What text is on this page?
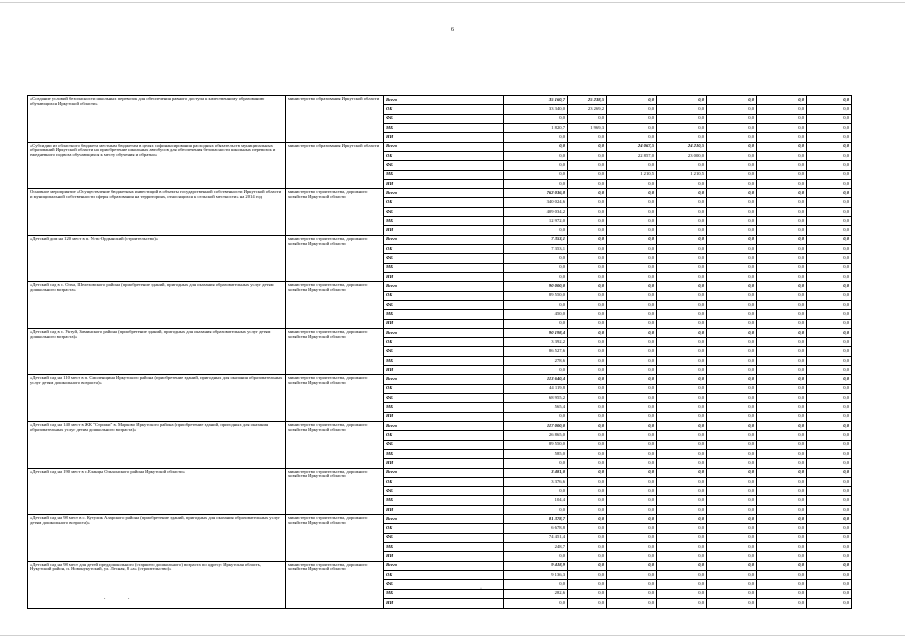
6
«Создание условий безопасности школьных перевозок для обеспечения равного доступа к качественному образованию обучающихся Иркутской области»	министерство образования Иркутской области	Всего	35 160,7	25 238,5	0,0	0,0	0,0	0,0	0,0
		ОБ	33 340,0	23 269,2	0,0	0,0	0,0	0,0	0,0
		ФБ	0,0	0,0	0,0	0,0	0,0	0,0	0,0
		МБ	1 820,7	1 969,3	0,0	0,0	0,0	0,0	0,0
		ИИ	0,0	0,0	0,0	0,0	0,0	0,0	0,0
«Субсидии из областного бюджета местным бюджетам в целях софинансирования расходных обязательств муниципальных образований Иркутской области на приобретение школьных автобусов для обеспечения безопасности школьных перевозок и ежедневного подвоза обучающихся к месту обучения и обратно»	министерство образования Иркутской области	Всего	0,0	0,0	24 067,5	24 210,5	0,0	0,0	0,0
		ОБ	0,0	0,0	22 857,0	23 000,0	0,0	0,0	0,0
		ФБ	0,0	0,0	0,0	0,0	0,0	0,0	0,0
		МБ	0,0	0,0	1 210,5	1 210,5	0,0	0,0	0,0
		ИИ	0,0	0,0	0,0	0,0	0,0	0,0	0,0
Основное мероприятие «Осуществление бюджетных инвестиций в объекты государственной собственности Иркутской области и муниципальной собственности сферы образования на территориях, относящихся к сельской местности» на 2014 год	министерство строительства, дорожного хозяйства Иркутской области	Всего	762 036,8	0,0	0,0	0,0	0,0	0,0	0,0
		ОБ	340 024,6	0,0	0,0	0,0	0,0	0,0	0,0
		ФБ	409 034,2	0,0	0,0	0,0	0,0	0,0	0,0
		МБ	12 972,0	0,0	0,0	0,0	0,0	0,0	0,0
		ИИ	0,0	0,0	0,0	0,0	0,0	0,0	0,0
«Детский дом на 120 мест в п. Усть-Ордынский (строительство)»	министерство строительства, дорожного хозяйства Иркутской области	Всего	7 353,1	0,0	0,0	0,0	0,0	0,0	0,0
		ОБ	7 353,1	0,0	0,0	0,0	0,0	0,0	0,0
		ФБ	0,0	0,0	0,0	0,0	0,0	0,0	0,0
		МБ	0,0	0,0	0,0	0,0	0,0	0,0	0,0
		ИИ	0,0	0,0	0,0	0,0	0,0	0,0	0,0
«Детский сад в с. Олха, Шелеховского района (приобретение зданий, пригодных для оказания образовательных услуг детям дошкольного возраста»	министерство строительства, дорожного хозяйства Иркутской области	Всего	90 000,0	0,0	0,0	0,0	0,0	0,0	0,0
		ОБ	89 550,0	0,0	0,0	0,0	0,0	0,0	0,0
		ФБ	0,0	0,0	0,0	0,0	0,0	0,0	0,0
		МБ	450,0	0,0	0,0	0,0	0,0	0,0	0,0
		ИИ	0,0	0,0	0,0	0,0	0,0	0,0	0,0
«Детский сад в с. Уктуй, Зиминского района (приобретение зданий, пригодных для оказания образовательных услуг детям дошкольного возраста)»	министерство строительства, дорожного хозяйства Иркутской области	Всего	90 198,4	0,0	0,0	0,0	0,0	0,0	0,0
		ОБ	3 392,2	0,0	0,0	0,0	0,0	0,0	0,0
		ФБ	86 527,6	0,0	0,0	0,0	0,0	0,0	0,0
		МБ	278,6	0,0	0,0	0,0	0,0	0,0	0,0
		ИИ	0,0	0,0	0,0	0,0	0,0	0,0	0,0
«Детский сад на 110 мест в п. Смоленщина Иркутского района (приобретение зданий, пригодных для оказания образовательных услуг детям дошкольного возраста)»	министерство строительства, дорожного хозяйства Иркутской области	Всего	113 640,4	0,0	0,0	0,0	0,0	0,0	0,0
		ОБ	44 119,8	0,0	0,0	0,0	0,0	0,0	0,0
		ФБ	68 955,2	0,0	0,0	0,0	0,0	0,0	0,0
		МБ	565,4	0,0	0,0	0,0	0,0	0,0	0,0
		ИИ	0,0	0,0	0,0	0,0	0,0	0,0	0,0
«Детский сад на 140 мест в ЖК "Стрижи" в. Марково Иркутского района (приобретение зданий, пригодных для оказания образовательных услуг детям дошкольного возраста)»	министерство строительства, дорожного хозяйства Иркутской области	Всего	117 000,0	0,0	0,0	0,0	0,0	0,0	0,0
		ОБ	26 865,0	0,0	0,0	0,0	0,0	0,0	0,0
		ФБ	89 550,0	0,0	0,0	0,0	0,0	0,0	0,0
		МБ	585,0	0,0	0,0	0,0	0,0	0,0	0,0
		ИИ	0,0	0,0	0,0	0,0	0,0	0,0	0,0
«Детский сад на 190 мест в с.Еланцы Ольхонского района Иркутской области»	министерство строительства, дорожного хозяйства Иркутской области	Всего	3 481,0	0,0	0,0	0,0	0,0	0,0	0,0
		ОБ	3 376,6	0,0	0,0	0,0	0,0	0,0	0,0
		ФБ	0,0	0,0	0,0	0,0	0,0	0,0	0,0
		МБ	104,4	0,0	0,0	0,0	0,0	0,0	0,0
		ИИ	0,0	0,0	0,0	0,0	0,0	0,0	0,0
«Детский сад на 98 мест в с. Кутулик Аларского района (приобретение зданий, пригодных для оказания образовательных услуг детям дошкольного возраста)»	министерство строительства, дорожного хозяйства Иркутской области	Всего	81 378,7	0,0	0,0	0,0	0,0	0,0	0,0
		ОБ	6 678,8	0,0	0,0	0,0	0,0	0,0	0,0
		ФБ	74 451,4	0,0	0,0	0,0	0,0	0,0	0,0
		МБ	248,7	0,0	0,0	0,0	0,0	0,0	0,0
		ИИ	0,0	0,0	0,0	0,0	0,0	0,0	0,0
«Детский сад на 98 мест для детей преддошкольного (старшего дошкольного) возраста по адресу: Иркутская область, Нукутский район, п. Новонукутский, ул. Лесная, 8 «а» (строительство)»	министерство строительства, дорожного хозяйства Иркутской области	Всего	9 418,9	0,0	0,0	0,0	0,0	0,0	0,0
		ОБ	9 136,3	0,0	0,0	0,0	0,0	0,0	0,0
		ФБ	0,0	0,0	0,0	0,0	0,0	0,0	0,0
		МБ	282,6	0,0	0,0	0,0	0,0	0,0	0,0
		ИИ	0,0	0,0	0,0	0,0	0,0	0,0	0,0
.	.
·
